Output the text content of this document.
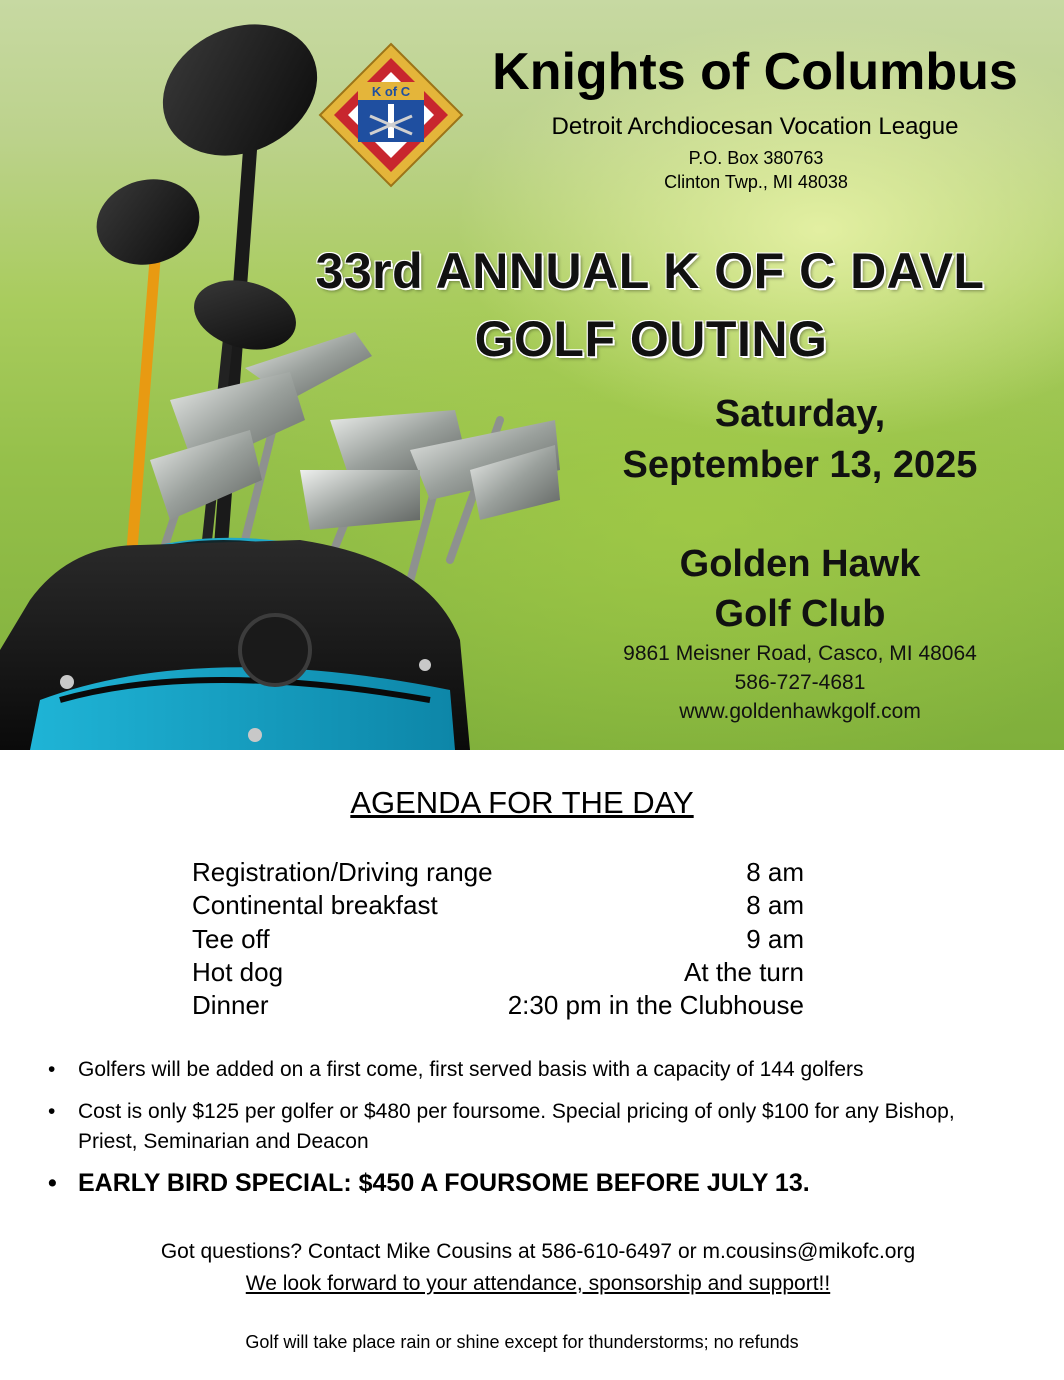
K of C	Knights of Columbus
Detroit Archdiocesan Vocation League
P.O. Box 380763
Clinton Twp., MI 48038
33rd ANNUAL K OF C DAVL
GOLF OUTING
Saturday,
September 13, 2025
Golden Hawk
Golf Club
9861 Meisner Road, Casco, MI 48064
586-727-4681
www.goldenhawkgolf.com
AGENDA FOR THE DAY
Registration/Driving range	8 am
Continental breakfast	8 am
Tee off	9 am
Hot dog	At the turn
Dinner	2:30 pm in the Clubhouse
•	Golfers will be added on a first come, first served basis with a capacity of 144 golfers
•	Cost is only $125 per golfer or $480 per foursome. Special pricing of only $100 for any Bishop, Priest, Seminarian and Deacon
• EARLY BIRD SPECIAL: $450 A FOURSOME BEFORE JULY 13.
Got questions? Contact Mike Cousins at 586-610-6497 or m.cousins@mikofc.org
We look forward to your attendance, sponsorship and support!!
Golf will take place rain or shine except for thunderstorms; no refunds
